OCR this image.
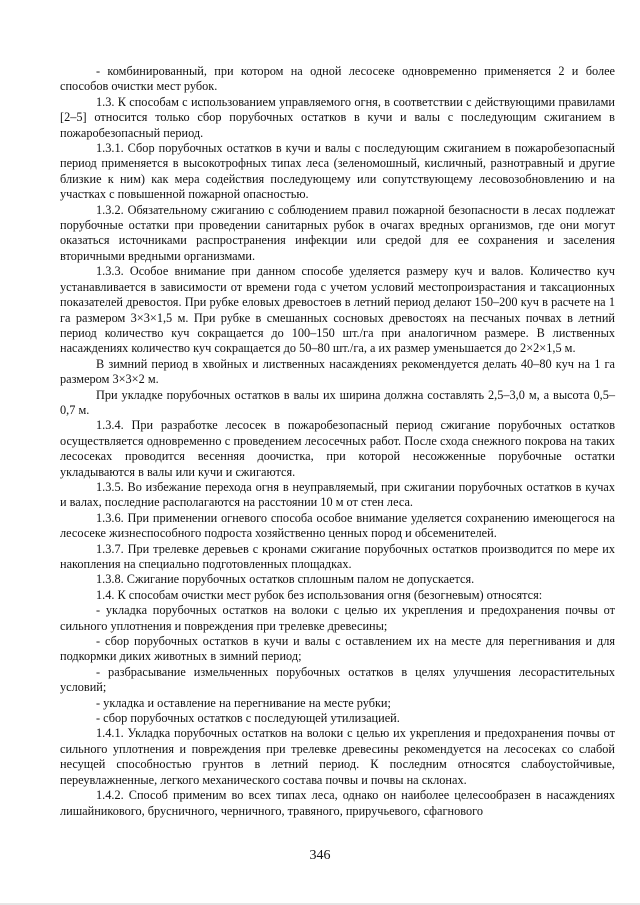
- комбинированный, при котором на одной лесосеке одновременно применяется 2 и более способов очистки мест рубок.

1.3. К способам с использованием управляемого огня, в соответствии с действующими правилами [2–5] относится только сбор порубочных остатков в кучи и валы с последующим сжиганием в пожаробезопасный период.

1.3.1. Сбор порубочных остатков в кучи и валы с последующим сжиганием в пожаробезопасный период применяется в высокотрофных типах леса (зеленомошный, кисличный, разнотравный и другие близкие к ним) как мера содействия последующему или сопутствующему лесовозобновлению и на участках с повышенной пожарной опасностью.

1.3.2. Обязательному сжиганию с соблюдением правил пожарной безопасности в лесах подлежат порубочные остатки при проведении санитарных рубок в очагах вредных организмов, где они могут оказаться источниками распространения инфекции или средой для ее сохранения и заселения вторичными вредными организмами.

1.3.3. Особое внимание при данном способе уделяется размеру куч и валов. Количество куч устанавливается в зависимости от времени года с учетом условий местопроизрастания и таксационных показателей древостоя. При рубке еловых древостоев в летний период делают 150–200 куч в расчете на 1 га размером 3×3×1,5 м. При рубке в смешанных сосновых древостоях на песчаных почвах в летний период количество куч сокращается до 100–150 шт./га при аналогичном размере. В лиственных насаждениях количество куч сокращается до 50–80 шт./га, а их размер уменьшается до 2×2×1,5 м.

В зимний период в хвойных и лиственных насаждениях рекомендуется делать 40–80 куч на 1 га размером 3×3×2 м.

При укладке порубочных остатков в валы их ширина должна составлять 2,5–3,0 м, а высота 0,5–0,7 м.

1.3.4. При разработке лесосек в пожаробезопасный период сжигание порубочных остатков осуществляется одновременно с проведением лесосечных работ. После схода снежного покрова на таких лесосеках проводится весенняя доочистка, при которой несожженные порубочные остатки укладываются в валы или кучи и сжигаются.

1.3.5. Во избежание перехода огня в неуправляемый, при сжигании порубочных остатков в кучах и валах, последние располагаются на расстоянии 10 м от стен леса.

1.3.6. При применении огневого способа особое внимание уделяется сохранению имеющегося на лесосеке жизнеспособного подроста хозяйственно ценных пород и обсеменителей.

1.3.7. При трелевке деревьев с кронами сжигание порубочных остатков производится по мере их накопления на специально подготовленных площадках.

1.3.8. Сжигание порубочных остатков сплошным палом не допускается.

1.4. К способам очистки мест рубок без использования огня (безогневым) относятся:

- укладка порубочных остатков на волоки с целью их укрепления и предохранения почвы от сильного уплотнения и повреждения при трелевке древесины;

- сбор порубочных остатков в кучи и валы с оставлением их на месте для перегнивания и для подкормки диких животных в зимний период;

- разбрасывание измельченных порубочных остатков в целях улучшения лесорастительных условий;

- укладка и оставление на перегнивание на месте рубки;

- сбор порубочных остатков с последующей утилизацией.

1.4.1. Укладка порубочных остатков на волоки с целью их укрепления и предохранения почвы от сильного уплотнения и повреждения при трелевке древесины рекомендуется на лесосеках со слабой несущей способностью грунтов в летний период. К последним относятся слабоустойчивые, переувлажненные, легкого механического состава почвы и почвы на склонах.

1.4.2. Способ применим во всех типах леса, однако он наиболее целесообразен в насаждениях лишайникового, брусничного, черничного, травяного, приручьевого, сфагнового

346
